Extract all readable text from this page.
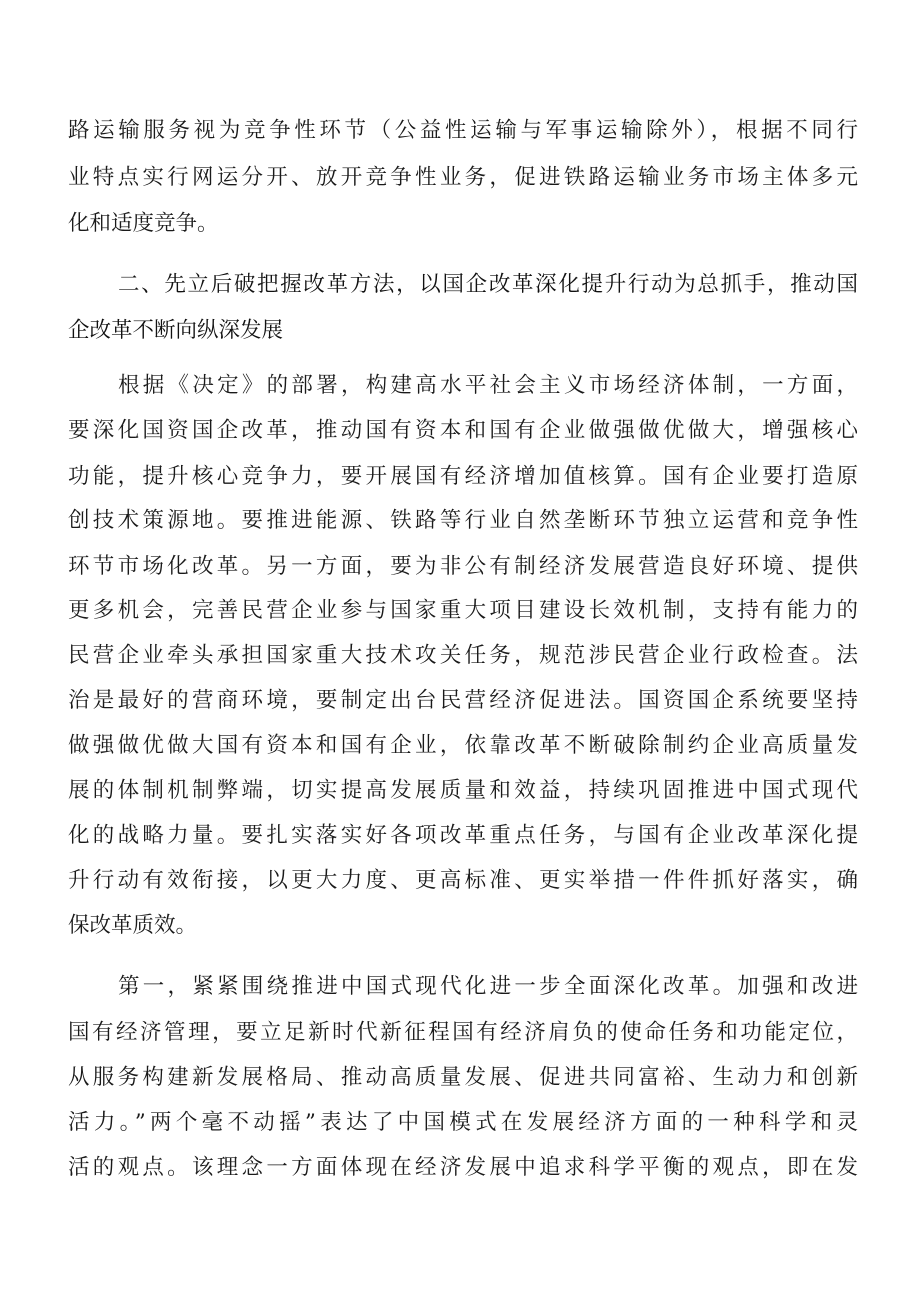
路运输服务视为竞争性环节（公益性运输与军事运输除外），根据不同行
业特点实行网运分开、放开竞争性业务，促进铁路运输业务市场主体多元
化和适度竞争。
二、先立后破把握改革方法，以国企改革深化提升行动为总抓手，推动国
企改革不断向纵深发展
根据《决定》的部署，构建高水平社会主义市场经济体制，一方面，
要深化国资国企改革，推动国有资本和国有企业做强做优做大，增强核心
功能，提升核心竞争力，要开展国有经济增加值核算。国有企业要打造原
创技术策源地。要推进能源、铁路等行业自然垄断环节独立运营和竞争性
环节市场化改革。另一方面，要为非公有制经济发展营造良好环境、提供
更多机会，完善民营企业参与国家重大项目建设长效机制，支持有能力的
民营企业牵头承担国家重大技术攻关任务，规范涉民营企业行政检查。法
治是最好的营商环境，要制定出台民营经济促进法。国资国企系统要坚持
做强做优做大国有资本和国有企业，依靠改革不断破除制约企业高质量发
展的体制机制弊端，切实提高发展质量和效益，持续巩固推进中国式现代
化的战略力量。要扎实落实好各项改革重点任务，与国有企业改革深化提
升行动有效衔接，以更大力度、更高标准、更实举措一件件抓好落实，确
保改革质效。
第一，紧紧围绕推进中国式现代化进一步全面深化改革。加强和改进
国有经济管理，要立足新时代新征程国有经济肩负的使命任务和功能定位，
从服务构建新发展格局、推动高质量发展、促进共同富裕、生动力和创新
活力。”两个毫不动摇”表达了中国模式在发展经济方面的一种科学和灵
活的观点。该理念一方面体现在经济发展中追求科学平衡的观点，即在发
